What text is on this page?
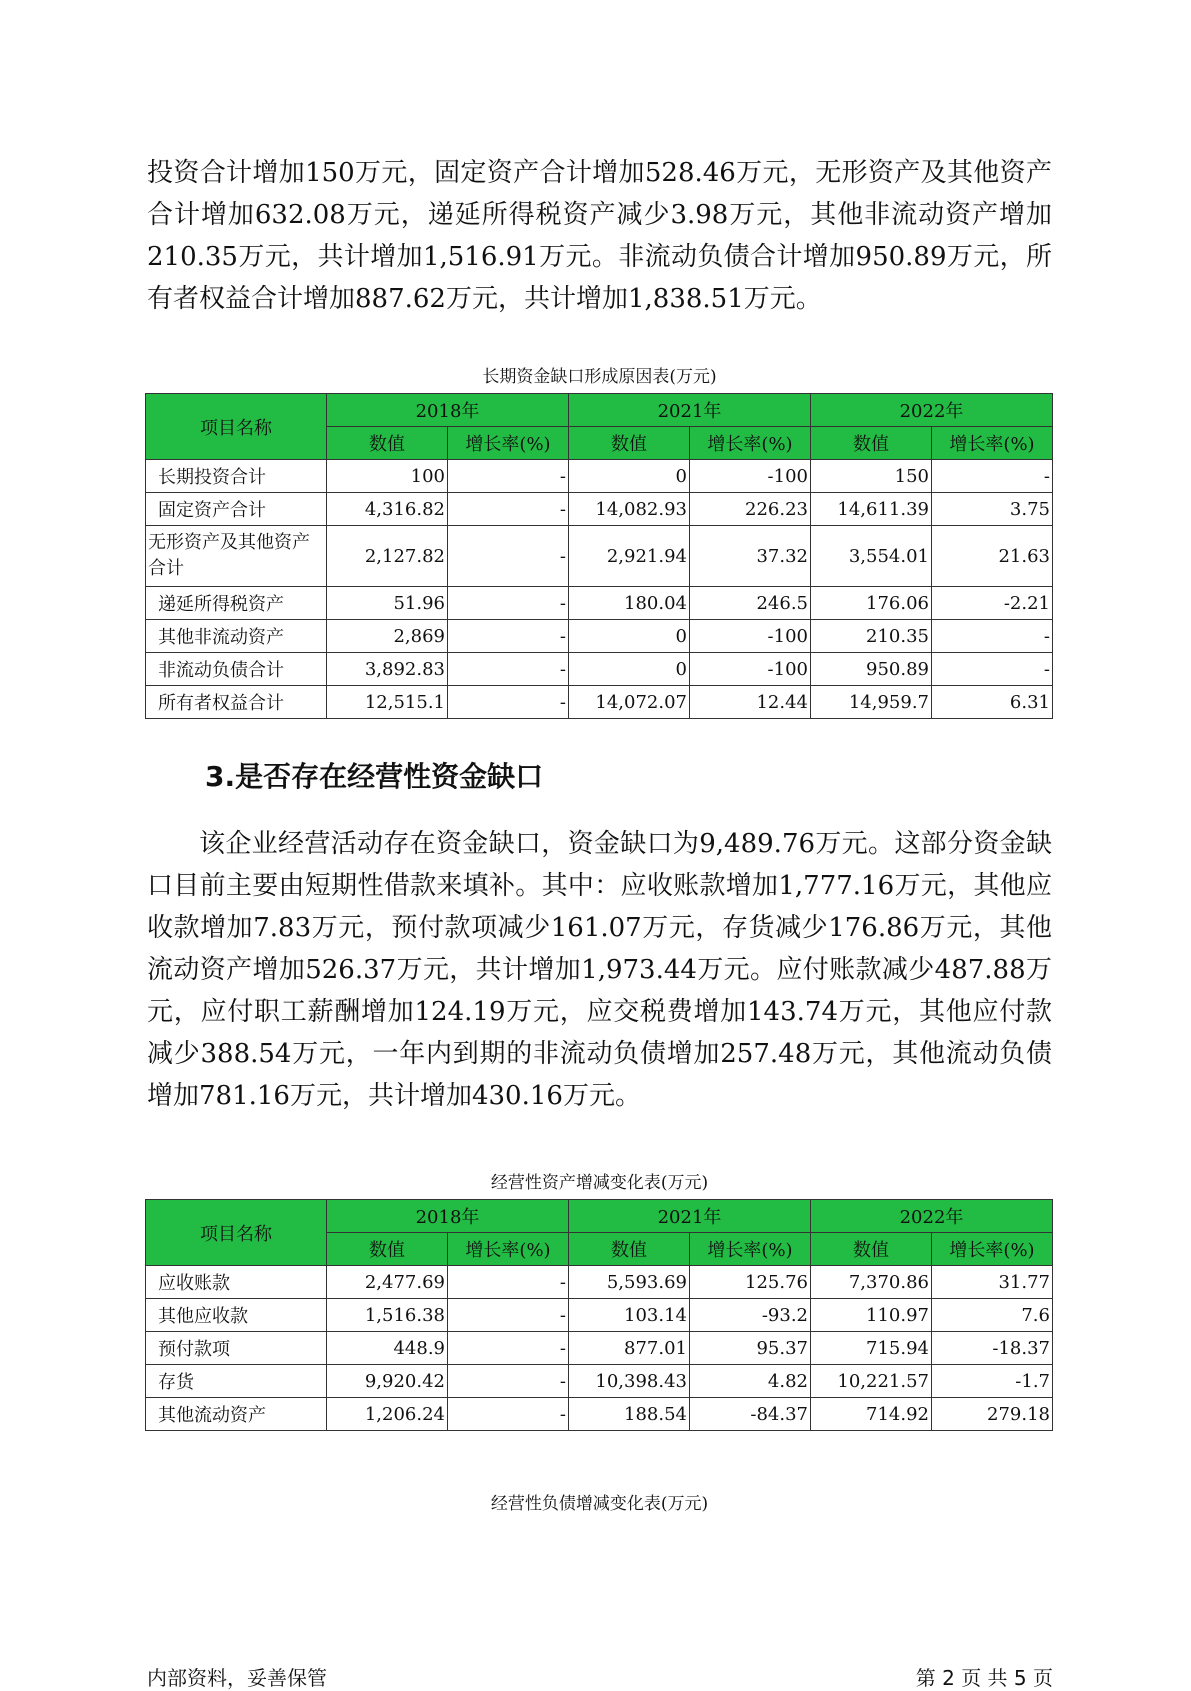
投资合计增加150万元，固定资产合计增加528.46万元，无形资产及其他资产合计增加632.08万元，递延所得税资产减少3.98万元，其他非流动资产增加210.35万元，共计增加1,516.91万元。非流动负债合计增加950.89万元，所有者权益合计增加887.62万元，共计增加1,838.51万元。

长期资金缺口形成原因表(万元)
项目名称	2018年		2021年		2022年	
	数值	增长率(%)	数值	增长率(%)	数值	增长率(%)
长期投资合计	100	-	0	-100	150	-
固定资产合计	4,316.82	-	14,082.93	226.23	14,611.39	3.75
无形资产及其他资产合计	2,127.82	-	2,921.94	37.32	3,554.01	21.63
递延所得税资产	51.96	-	180.04	246.5	176.06	-2.21
其他非流动资产	2,869	-	0	-100	210.35	-
非流动负债合计	3,892.83	-	0	-100	950.89	-
所有者权益合计	12,515.1	-	14,072.07	12.44	14,959.7	6.31
3.是否存在经营性资金缺口

该企业经营活动存在资金缺口，资金缺口为9,489.76万元。这部分资金缺口目前主要由短期性借款来填补。其中：应收账款增加1,777.16万元，其他应收款增加7.83万元，预付款项减少161.07万元，存货减少176.86万元，其他流动资产增加526.37万元，共计增加1,973.44万元。应付账款减少487.88万元，应付职工薪酬增加124.19万元，应交税费增加143.74万元，其他应付款减少388.54万元，一年内到期的非流动负债增加257.48万元，其他流动负债增加781.16万元，共计增加430.16万元。

经营性资产增减变化表(万元)
项目名称	2018年		2021年		2022年	
	数值	增长率(%)	数值	增长率(%)	数值	增长率(%)
应收账款	2,477.69	-	5,593.69	125.76	7,370.86	31.77
其他应收款	1,516.38	-	103.14	-93.2	110.97	7.6
预付款项	448.9	-	877.01	95.37	715.94	-18.37
存货	9,920.42	-	10,398.43	4.82	10,221.57	-1.7
其他流动资产	1,206.24	-	188.54	-84.37	714.92	279.18
经营性负债增减变化表(万元)
内部资料，妥善保管	第 2 页 共 5 页
